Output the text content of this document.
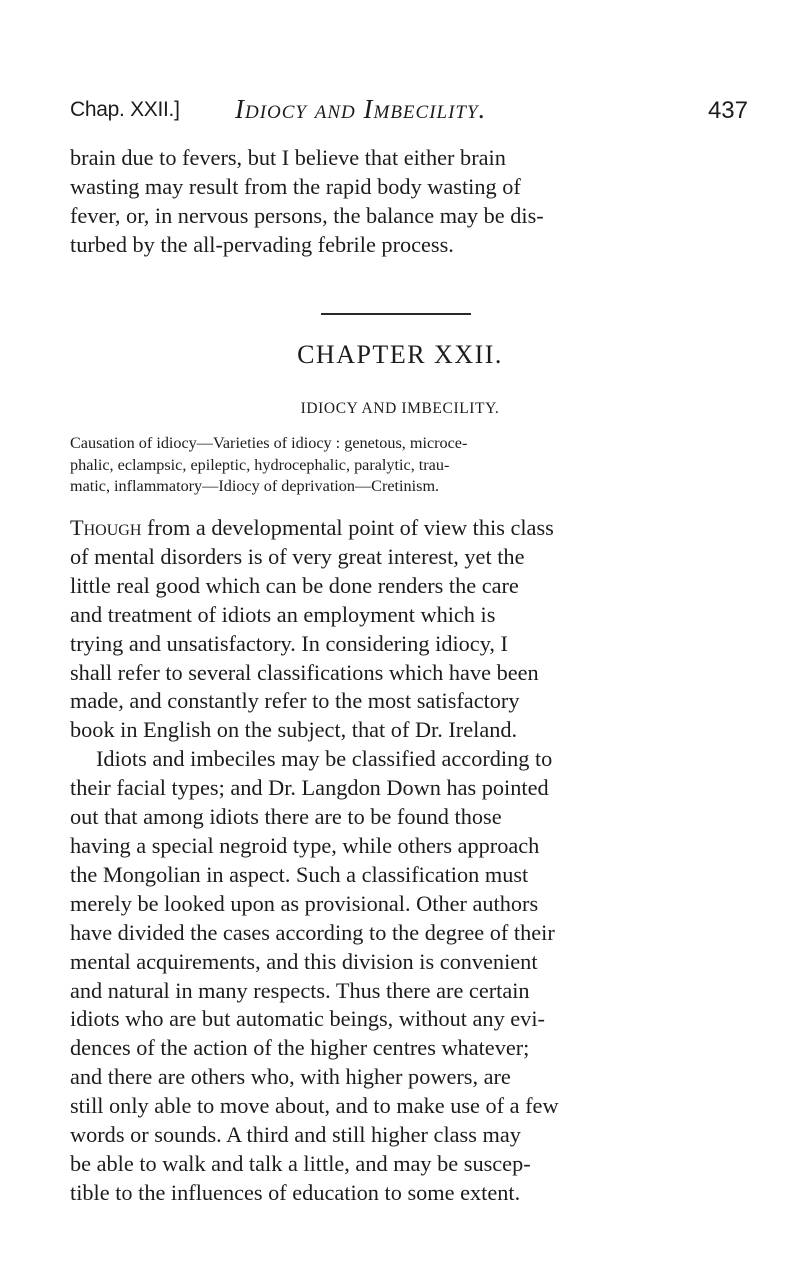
Chap. XXII.] Idiocy and Imbecility.	437

brain due to fevers, but I believe that either brain
wasting may result from the rapid body wasting of
fever, or, in nervous persons, the balance may be dis-
turbed by the all-pervading febrile process.

CHAPTER XXII.
IDIOCY AND IMBECILITY.
Causation of idiocy—Varieties of idiocy : genetous, microce-
phalic, eclampsic, epileptic, hydrocephalic, paralytic, trau-
matic, inflammatory—Idiocy of deprivation—Cretinism.

Though from a developmental point of view this class
of mental disorders is of very great interest, yet the
little real good which can be done renders the care
and treatment of idiots an employment which is
trying and unsatisfactory. In considering idiocy, I
shall refer to several classifications which have been
made, and constantly refer to the most satisfactory
book in English on the subject, that of Dr. Ireland.
Idiots and imbeciles may be classified according to
their facial types; and Dr. Langdon Down has pointed
out that among idiots there are to be found those
having a special negroid type, while others approach
the Mongolian in aspect. Such a classification must
merely be looked upon as provisional. Other authors
have divided the cases according to the degree of their
mental acquirements, and this division is convenient
and natural in many respects. Thus there are certain
idiots who are but automatic beings, without any evi-
dences of the action of the higher centres whatever;
and there are others who, with higher powers, are
still only able to move about, and to make use of a few
words or sounds. A third and still higher class may
be able to walk and talk a little, and may be suscep-
tible to the influences of education to some extent.
